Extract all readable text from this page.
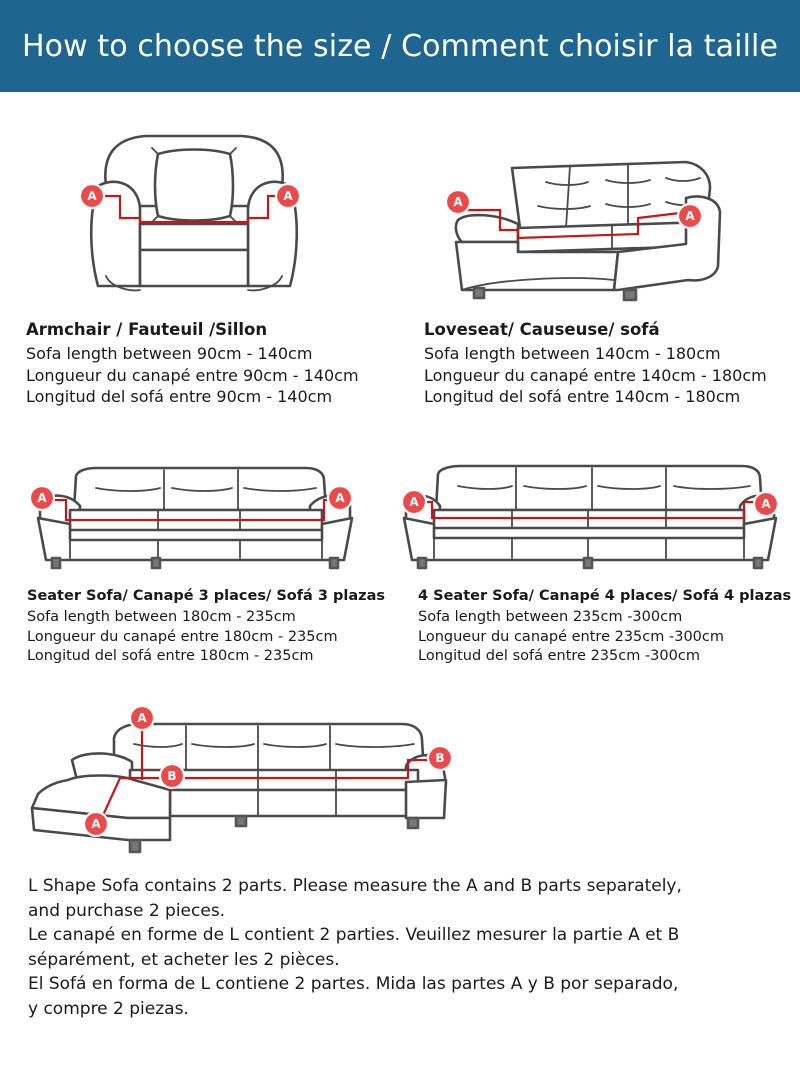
How to choose the size / Comment choisir la taille
A	A	A
A
Armchair / Fauteuil /Sillon
Sofa length between 90cm - 140cm
Longueur du canapé entre 90cm - 140cm
Longitud del sofá entre 90cm - 140cm
Loveseat/ Causeuse/ sofá
Sofa length between 140cm - 180cm
Longueur du canapé entre 140cm - 180cm
Longitud del sofá entre 140cm - 180cm
A	A	A	A
Seater Sofa/ Canapé 3 places/ Sofá 3 plazas
Sofa length between 180cm - 235cm
Longueur du canapé entre 180cm - 235cm
Longitud del sofá entre 180cm - 235cm
4 Seater Sofa/ Canapé 4 places/ Sofá 4 plazas
Sofa length between 235cm -300cm
Longueur du canapé entre 235cm -300cm
Longitud del sofá entre 235cm -300cm
A
B
B
A
L Shape Sofa contains 2 parts. Please measure the A and B parts separately,
and purchase 2 pieces.
Le canapé en forme de L contient 2 parties. Veuillez mesurer la partie A et B
séparément, et acheter les 2 pièces.
El Sofá en forma de L contiene 2 partes. Mida las partes A y B por separado,
y compre 2 piezas.
